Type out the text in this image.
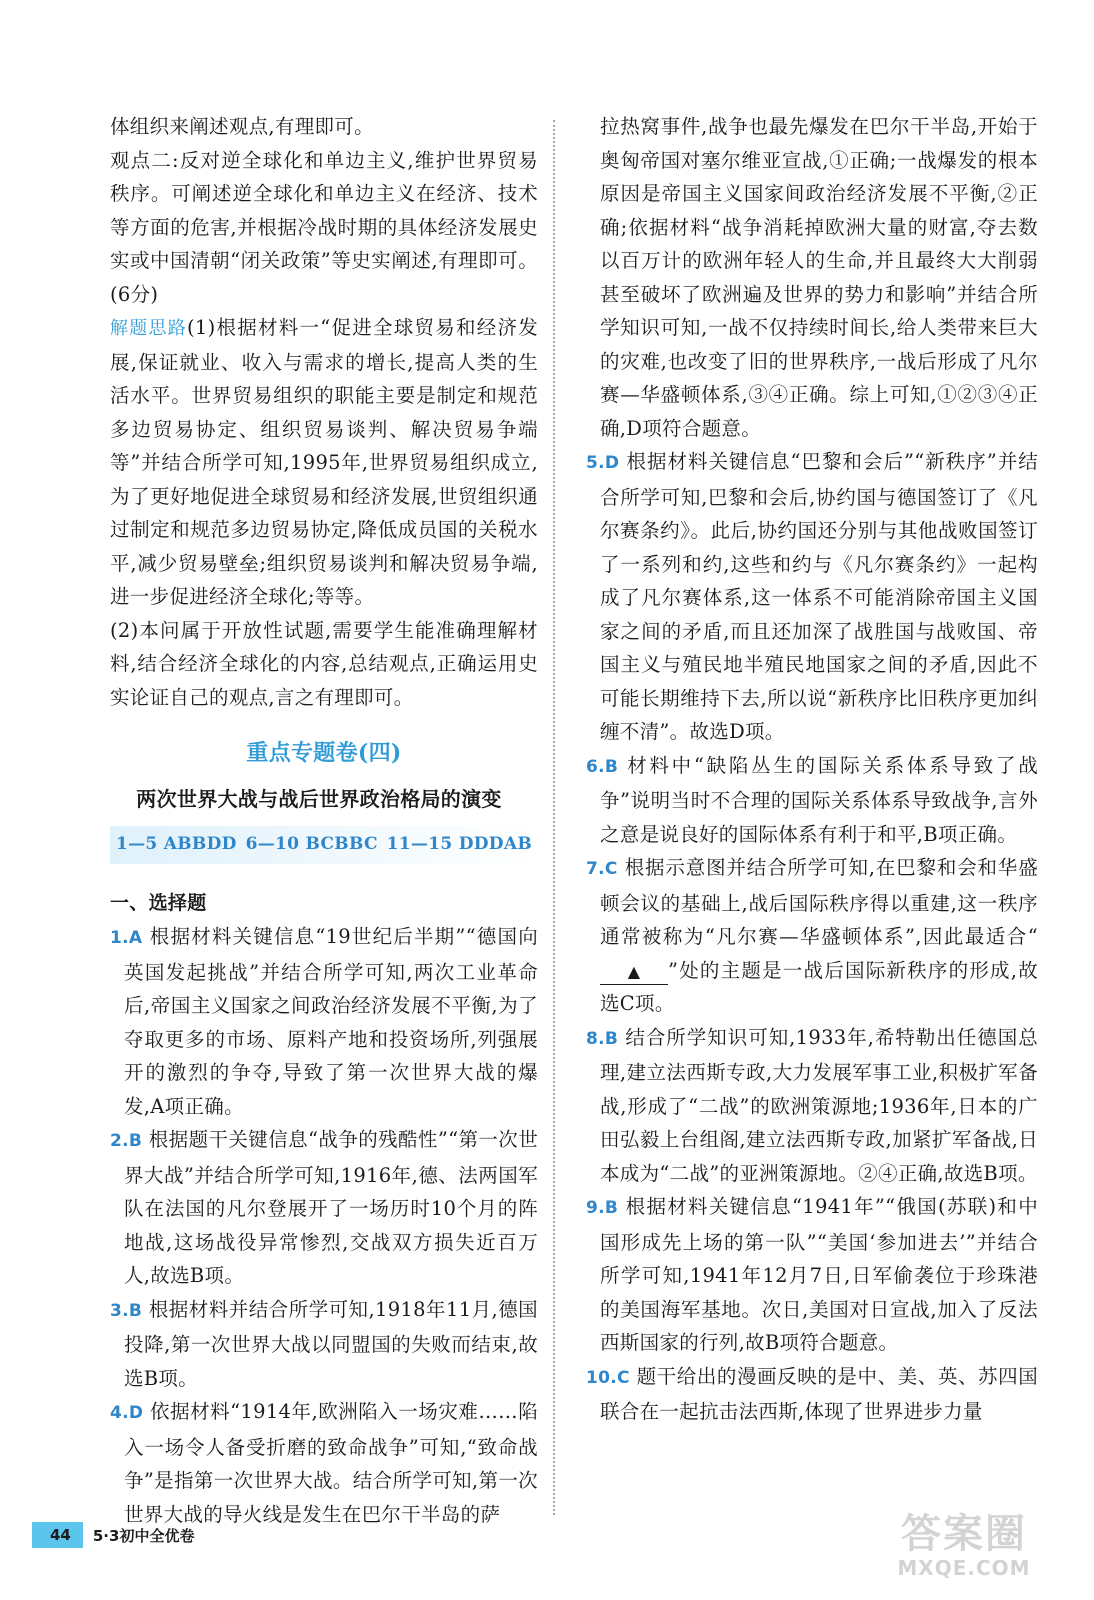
体组织来阐述观点,有理即可。

观点二:反对逆全球化和单边主义,维护世界贸易秩序。可阐述逆全球化和单边主义在经济、技术等方面的危害,并根据冷战时期的具体经济发展史实或中国清朝“闭关政策”等史实阐述,有理即可。(6分)

解题思路(1)根据材料一“促进全球贸易和经济发展,保证就业、收入与需求的增长,提高人类的生活水平。世界贸易组织的职能主要是制定和规范多边贸易协定、组织贸易谈判、解决贸易争端等”并结合所学可知,1995年,世界贸易组织成立,为了更好地促进全球贸易和经济发展,世贸组织通过制定和规范多边贸易协定,降低成员国的关税水平,减少贸易壁垒;组织贸易谈判和解决贸易争端,进一步促进经济全球化;等等。

(2)本问属于开放性试题,需要学生能准确理解材料,结合经济全球化的内容,总结观点,正确运用史实论证自己的观点,言之有理即可。

重点专题卷(四)
两次世界大战与战后世界政治格局的演变
1—5 ABBDD 6—10 BCBBC 11—15 DDDAB
一、选择题

1.A 根据材料关键信息“19世纪后半期”“德国向英国发起挑战”并结合所学可知,两次工业革命后,帝国主义国家之间政治经济发展不平衡,为了夺取更多的市场、原料产地和投资场所,列强展开的激烈的争夺,导致了第一次世界大战的爆发,A项正确。

2.B 根据题干关键信息“战争的残酷性”“第一次世界大战”并结合所学可知,1916年,德、法两国军队在法国的凡尔登展开了一场历时10个月的阵地战,这场战役异常惨烈,交战双方损失近百万人,故选B项。

3.B 根据材料并结合所学可知,1918年11月,德国投降,第一次世界大战以同盟国的失败而结束,故选B项。

4.D 依据材料“1914年,欧洲陷入一场灾难……陷入一场令人备受折磨的致命战争”可知,“致命战争”是指第一次世界大战。结合所学可知,第一次世界大战的导火线是发生在巴尔干半岛的萨

拉热窝事件,战争也最先爆发在巴尔干半岛,开始于奥匈帝国对塞尔维亚宣战,①正确;一战爆发的根本原因是帝国主义国家间政治经济发展不平衡,②正确;依据材料“战争消耗掉欧洲大量的财富,夺去数以百万计的欧洲年轻人的生命,并且最终大大削弱甚至破坏了欧洲遍及世界的势力和影响”并结合所学知识可知,一战不仅持续时间长,给人类带来巨大的灾难,也改变了旧的世界秩序,一战后形成了凡尔赛—华盛顿体系,③④正确。综上可知,①②③④正确,D项符合题意。

5.D 根据材料关键信息“巴黎和会后”“新秩序”并结合所学可知,巴黎和会后,协约国与德国签订了《凡尔赛条约》。此后,协约国还分别与其他战败国签订了一系列和约,这些和约与《凡尔赛条约》一起构成了凡尔赛体系,这一体系不可能消除帝国主义国家之间的矛盾,而且还加深了战胜国与战败国、帝国主义与殖民地半殖民地国家之间的矛盾,因此不可能长期维持下去,所以说“新秩序比旧秩序更加纠缠不清”。故选D项。

6.B 材料中“缺陷丛生的国际关系体系导致了战争”说明当时不合理的国际关系体系导致战争,言外之意是说良好的国际体系有利于和平,B项正确。

7.C 根据示意图并结合所学可知,在巴黎和会和华盛顿会议的基础上,战后国际秩序得以重建,这一秩序通常被称为“凡尔赛—华盛顿体系”,因此最适合“▲ ”处的主题是一战后国际新秩序的形成,故选C项。

8.B 结合所学知识可知,1933年,希特勒出任德国总理,建立法西斯专政,大力发展军事工业,积极扩军备战,形成了“二战”的欧洲策源地;1936年,日本的广田弘毅上台组阁,建立法西斯专政,加紧扩军备战,日本成为“二战”的亚洲策源地。②④正确,故选B项。

9.B 根据材料关键信息“1941年”“俄国(苏联)和中国形成先上场的第一队”“美国‘参加进去’”并结合所学可知,1941年12月7日,日军偷袭位于珍珠港的美国海军基地。次日,美国对日宣战,加入了反法西斯国家的行列,故B项符合题意。

10.C 题干给出的漫画反映的是中、美、英、苏四国联合在一起抗击法西斯,体现了世界进步力量

44	5·3初中全优卷	答案圈
MXQE.COM
